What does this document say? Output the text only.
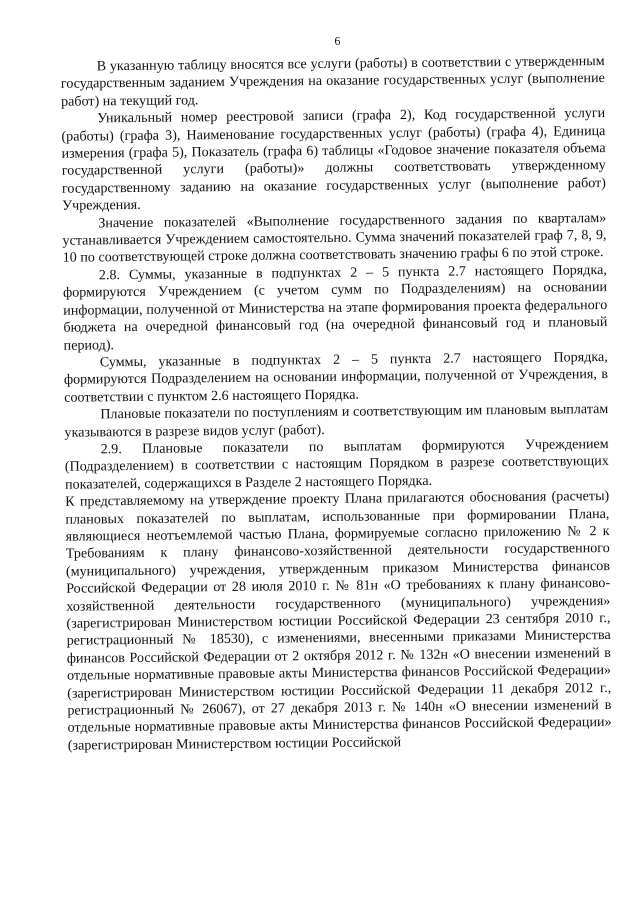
6

В указанную таблицу вносятся все услуги (работы) в соответствии с утвержденным государственным заданием Учреждения на оказание государственных услуг (выполнение работ) на текущий год.

Уникальный номер реестровой записи (графа 2), Код государственной услуги (работы) (графа 3), Наименование государственных услуг (работы) (графа 4), Единица измерения (графа 5), Показатель (графа 6) таблицы «Годовое значение показателя объема государственной услуги (работы)» должны соответствовать утвержденному государственному заданию на оказание государственных услуг (выполнение работ) Учреждения.

Значение показателей «Выполнение государственного задания по кварталам» устанавливается Учреждением самостоятельно. Сумма значений показателей граф 7, 8, 9, 10 по соответствующей строке должна соответствовать значению графы 6 по этой строке.

2.8. Суммы, указанные в подпунктах 2 – 5 пункта 2.7 настоящего Порядка, формируются Учреждением (с учетом сумм по Подразделениям) на основании информации, полученной от Министерства на этапе формирования проекта федерального бюджета на очередной финансовый год (на очередной финансовый год и плановый период).

Суммы, указанные в подпунктах 2 – 5 пункта 2.7 настоящего Порядка, формируются Подразделением на основании информации, полученной от Учреждения, в соответствии с пунктом 2.6 настоящего Порядка.

Плановые показатели по поступлениям и соответствующим им плановым выплатам указываются в разрезе видов услуг (работ).

2.9. Плановые показатели по выплатам формируются Учреждением (Подразделением) в соответствии с настоящим Порядком в разрезе соответствующих показателей, содержащихся в Разделе 2 настоящего Порядка.

К представляемому на утверждение проекту Плана прилагаются обоснования (расчеты) плановых показателей по выплатам, использованные при формировании Плана, являющиеся неотъемлемой частью Плана, формируемые согласно приложению № 2 к Требованиям к плану финансово-хозяйственной деятельности государственного (муниципального) учреждения, утвержденным приказом Министерства финансов Российской Федерации от 28 июля 2010 г. № 81н «О требованиях к плану финансово-хозяйственной деятельности государственного (муниципального) учреждения» (зарегистрирован Министерством юстиции Российской Федерации 23 сентября 2010 г., регистрационный № 18530), с изменениями, внесенными приказами Министерства финансов Российской Федерации от 2 октября 2012 г. № 132н «О внесении изменений в отдельные нормативные правовые акты Министерства финансов Российской Федерации» (зарегистрирован Министерством юстиции Российской Федерации 11 декабря 2012 г., регистрационный № 26067), от 27 декабря 2013 г. № 140н «О внесении изменений в отдельные нормативные правовые акты Министерства финансов Российской Федерации» (зарегистрирован Министерством юстиции Российской
